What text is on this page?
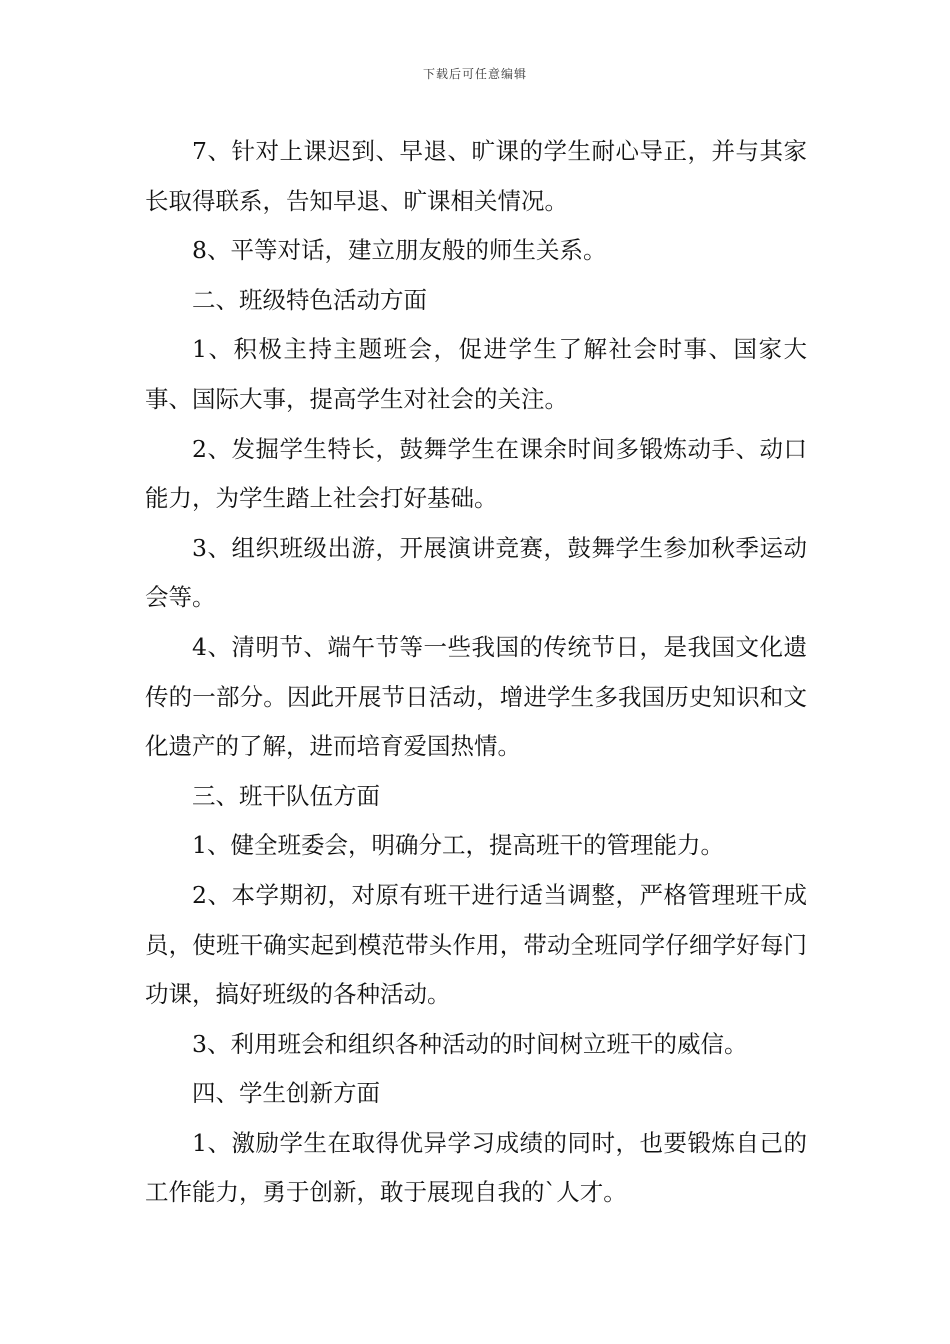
下载后可任意编辑

7、针对上课迟到、早退、旷课的学生耐心导正，并与其家长取得联系，告知早退、旷课相关情况。

8、平等对话，建立朋友般的师生关系。

二、班级特色活动方面

1、积极主持主题班会，促进学生了解社会时事、国家大事、国际大事，提高学生对社会的关注。

2、发掘学生特长，鼓舞学生在课余时间多锻炼动手、动口能力，为学生踏上社会打好基础。

3、组织班级出游，开展演讲竞赛，鼓舞学生参加秋季运动会等。

4、清明节、端午节等一些我国的传统节日，是我国文化遗传的一部分。因此开展节日活动，增进学生多我国历史知识和文化遗产的了解，进而培育爱国热情。

三、班干队伍方面

1、健全班委会，明确分工，提高班干的管理能力。

2、本学期初，对原有班干进行适当调整，严格管理班干成员，使班干确实起到模范带头作用，带动全班同学仔细学好每门功课，搞好班级的各种活动。

3、利用班会和组织各种活动的时间树立班干的威信。

四、学生创新方面

1、激励学生在取得优异学习成绩的同时，也要锻炼自己的工作能力，勇于创新，敢于展现自我的`人才。
